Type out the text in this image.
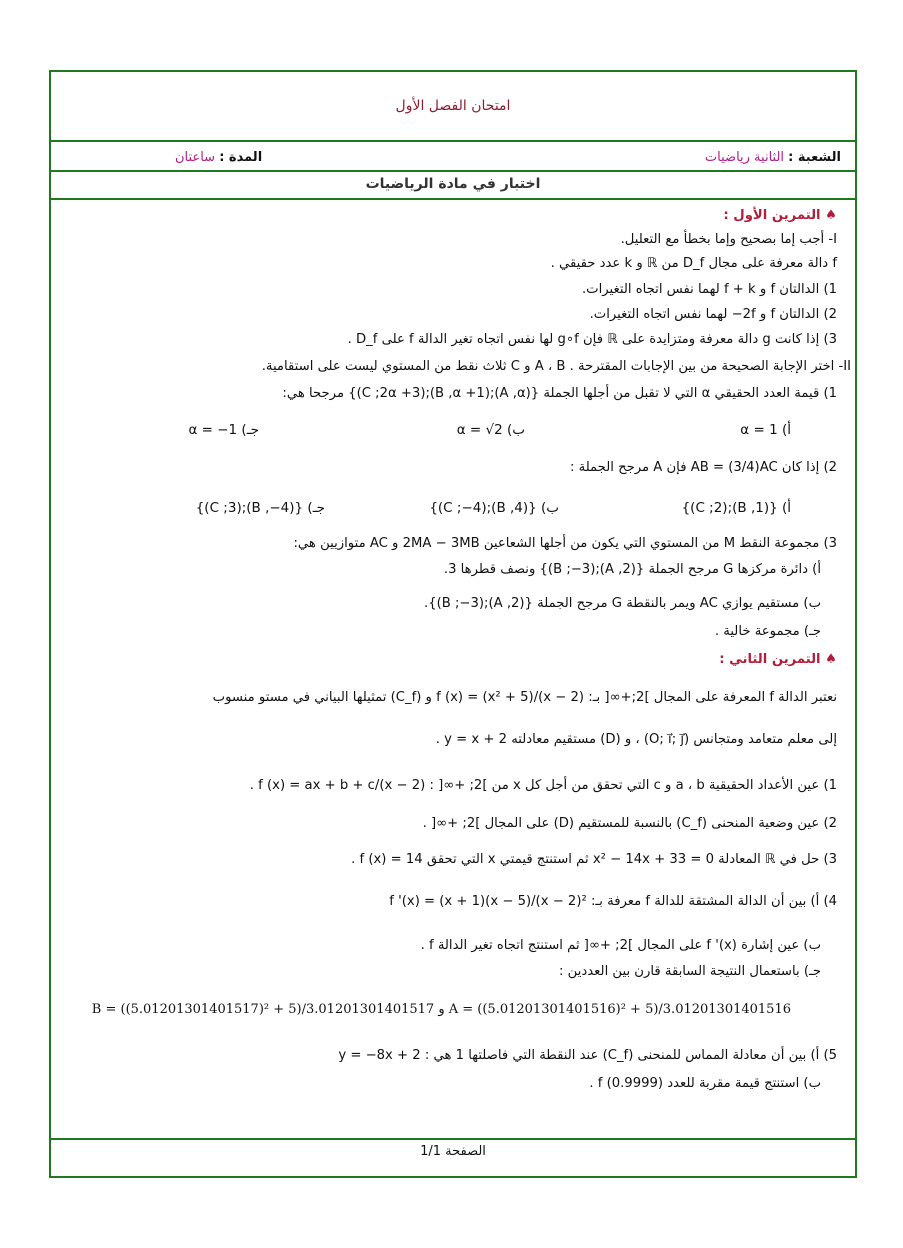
امتحان الفصل الأول
الشعبة : الثانية رياضيات
المدة : ساعتان
اختبار في مادة الرياضيات
♠ التمرين الأول :
I- أجب إما بصحيح وإما بخطأ مع التعليل.
f دالة معرفة على مجال D_f من ℝ و k عدد حقيقي .
1) الدالتان f و f + k لهما نفس اتجاه التغيرات.
2) الدالتان f و 2f− لهما نفس اتجاه التغيرات.
3) إذا كانت g دالة معرفة ومتزايدة على ℝ فإن g∘f لها نفس اتجاه تغير الدالة f على D_f .
II- اختر الإجابة الصحيحة من بين الإجابات المقترحة . A ، B و C ثلاث نقط من المستوي ليست على استقامية.
1) قيمة العدد الحقيقي α التي لا تقبل من أجلها الجملة {(A ,α);(B ,α +1);(C ;2α +3)} مرجحا هي:
أ) α = 1
ب) α = √2
جـ) α = −1
2) إذا كان AB = (3/4)AC فإن A مرجح الجملة :
أ) {(B ,1);(C ;2)}
ب) {(B ,4);(C ;−4)}
جـ) {(B ,−4);(C ;3)}
3) مجموعة النقط M من المستوي التي يكون من أجلها الشعاعين 2MA − 3MB و AC متوازيين هي:
أ) دائرة مركزها G مرجح الجملة {(A ,2);(B ;−3)} ونصف قطرها 3.
ب) مستقيم يوازي AC ويمر بالنقطة G مرجح الجملة {(A ,2);(B ;−3)}.
جـ) مجموعة خالية .
♠ التمرين الثاني :
نعتبر الدالة f المعرفة على المجال ]2;+∞[ بـ: f (x) = (x² + 5)/(x − 2) و (C_f) تمثيلها البياني في مستو منسوب
إلى معلم متعامد ومتجانس (O; i⃗; j⃗) ، و (D) مستقيم معادلته y = x + 2 .
1) عين الأعداد الحقيقية a ، b و c التي تحقق من أجل كل x من ]2; +∞[ : f (x) = ax + b + c/(x − 2) .
2) عين وضعية المنحنى (C_f) بالنسبة للمستقيم (D) على المجال ]2; +∞[ .
3) حل في ℝ المعادلة x² − 14x + 33 = 0 ثم استنتج قيمتي x التي تحقق f (x) = 14 .
4) أ) بين أن الدالة المشتقة للدالة f معرفة بـ: f '(x) = (x + 1)(x − 5)/(x − 2)²
ب) عين إشارة f '(x) على المجال ]2; +∞[ ثم استنتج اتجاه تغير الدالة f .
جـ) باستعمال النتيجة السابقة قارن بين العددين :
B = ((5.01201301401517)² + 5)/3.01201301401517 و A = ((5.01201301401516)² + 5)/3.01201301401516
5) أ) بين أن معادلة المماس للمنحنى (C_f) عند النقطة التي فاصلتها 1 هي : y = −8x + 2
ب) استنتج قيمة مقربة للعدد f (0.9999) .
الصفحة 1/1
